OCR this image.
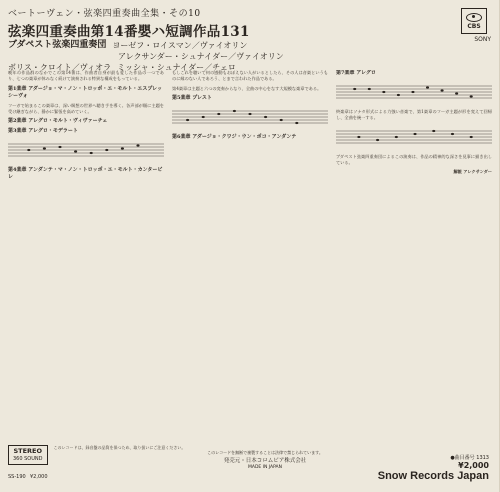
ベートーヴェン・弦楽四重奏曲全集・その10
弦楽四重奏曲第14番嬰ハ短調作品131	CBS
SONY
ブダペスト弦楽四重奏団 ヨーゼフ・ロイスマン／ヴァイオリン
アレクサンダー・シュナイダー／ヴァイオリン
ボリス・クロイト／ヴィオラ ミッシャ・シュナイダー／チェロ

晩年の作品群のなかでこの第14番は、作曲者自身が最も愛した作品の一つであり、七つの楽章が休みなく続けて演奏される特異な構成をもっている。

第1楽章 アダージョ・マ・ノン・トロッポ・エ・モルト・エスプレッシーヴォ

フーガで始まるこの楽章は、深い瞑想の世界へ聴き手を導く。各声部が順に主題を受け継ぎながら、静かに緊張を高めていく。

第2楽章 アレグロ・モルト・ヴィヴァーチェ

第3楽章 アレグロ・モデラート

第4楽章 アンダンテ・マ・ノン・トロッポ・エ・モルト・カンタービレ

もしこれを聴いて何の感動もおぼえない人がいるとしたら、その人は音楽というものに縁のない人であろう、とまで言われた作品である。

第4楽章は主題と六つの変奏からなり、全曲の中心をなす大規模な楽章である。

第5楽章 プレスト

第6楽章 アダージョ・クワジ・ウン・ポコ・アンダンテ

第7楽章 アレグロ

終楽章はソナタ形式による力強い音楽で、第1楽章のフーガ主題が形を変えて回帰し、全曲を統一する。

ブダペスト弦楽四重奏団によるこの演奏は、作品の精神的な深さを見事に描き出している。

解説 アレクサンダー

STEREO
360 SOUND
このレコードは、録音盤の品質を保つため、取り扱いにご注意ください。
SS-190 ¥2,000
このレコードを無断で複製することは法律で禁じられています。
発売元・日本コロムビア株式会社
MADE IN JAPAN
●曲目番号 1313
¥2,000
Snow Records Japan
